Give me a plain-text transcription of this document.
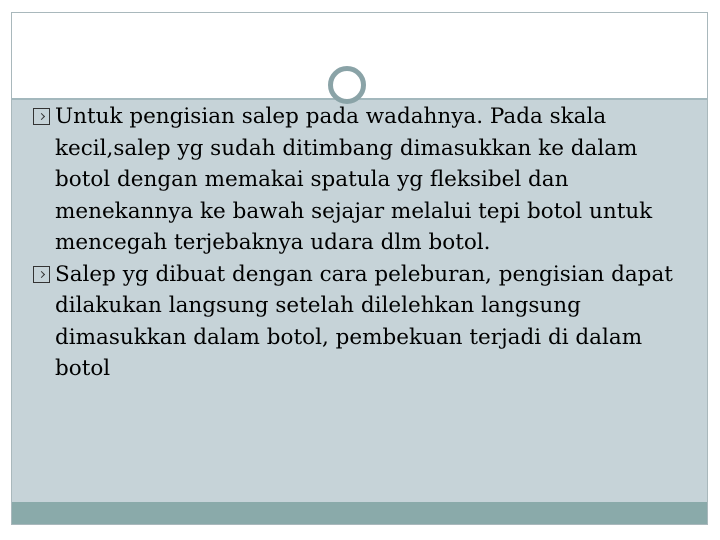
Untuk pengisian salep pada wadahnya. Pada skala kecil,salep yg sudah ditimbang dimasukkan ke dalam botol dengan memakai spatula yg fleksibel dan menekannya ke bawah sejajar melalui tepi botol untuk mencegah terjebaknya udara dlm botol.
Salep yg dibuat dengan cara peleburan, pengisian dapat dilakukan langsung setelah dilelehkan langsung dimasukkan dalam botol, pembekuan terjadi di dalam botol
